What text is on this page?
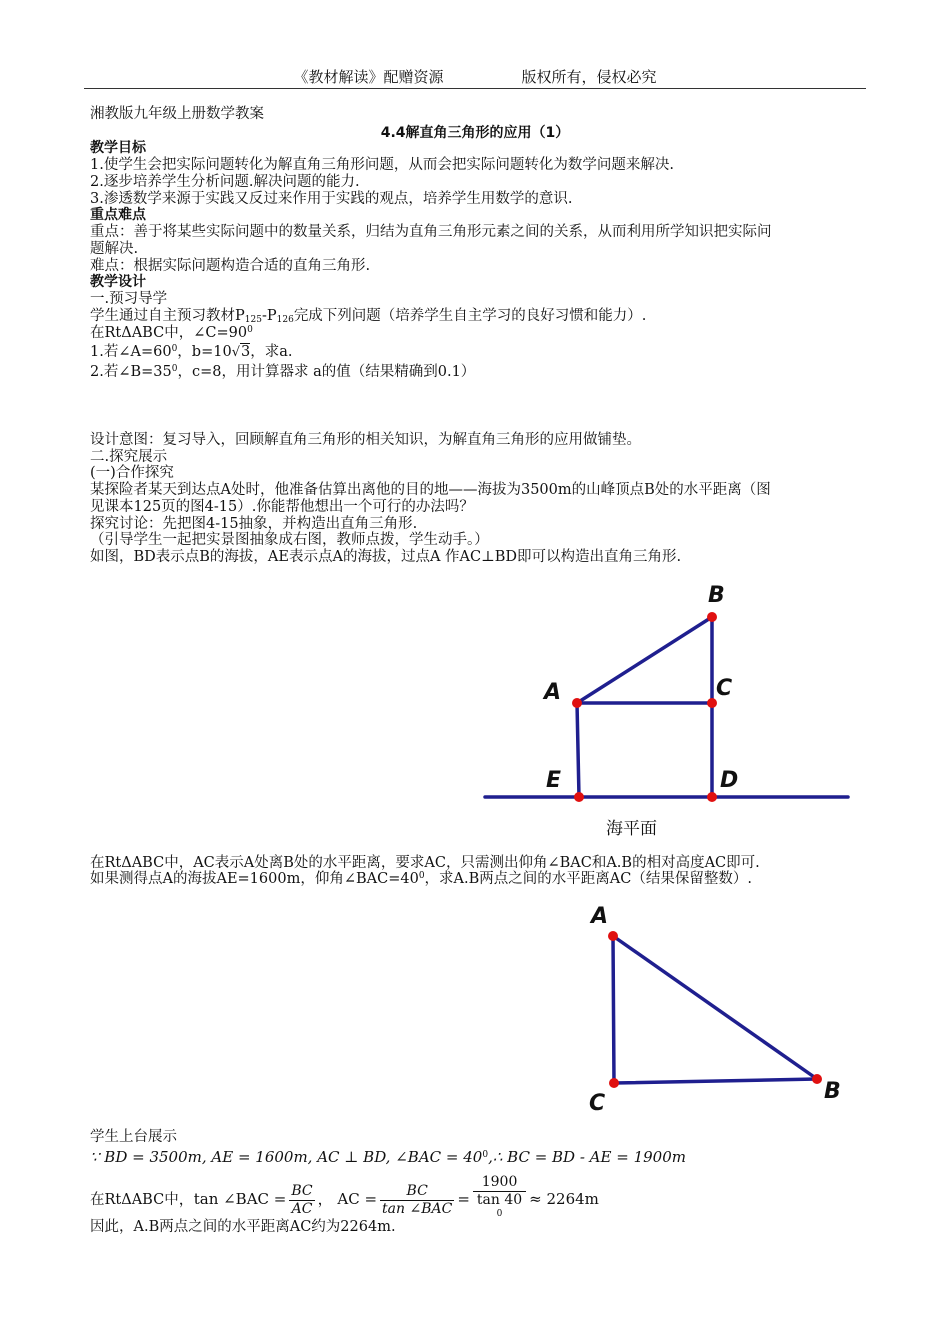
《教材解读》配赠资源	版权所有，侵权必究
湘教版九年级上册数学教案
4.4解直角三角形的应用（1）
教学目标
1.使学生会把实际问题转化为解直角三角形问题，从而会把实际问题转化为数学问题来解决.
2.逐步培养学生分析问题.解决问题的能力.
3.渗透数学来源于实践又反过来作用于实践的观点，培养学生用数学的意识.
重点难点
重点：善于将某些实际问题中的数量关系，归结为直角三角形元素之间的关系，从而利用所学知识把实际问
题解决.
难点：根据实际问题构造合适的直角三角形.
教学设计
一.预习导学
学生通过自主预习教材$P_{125}-P_{126}$完成下列问题（培养学生自主学习的良好习惯和能力）.
在RtΔABC中，$\angle C=90^0$
1.若$\angle A=60^0$，b=10√3，求a.
2.若$\angle B=35^0$，c=8，用计算器求 a的值（结果精确到0.1）
设计意图：复习导入，回顾解直角三角形的相关知识，为解直角三角形的应用做铺垫。
二.探究展示
(一)合作探究
某探险者某天到达点A处时，他准备估算出离他的目的地——海拔为3500m的山峰顶点B处的水平距离（图
见课本125页的图4-15）.你能帮他想出一个可行的办法吗？
探究讨论：先把图4-15抽象，并构造出直角三角形.
（引导学生一起把实景图抽象成右图，教师点拨，学生动手。）
如图，BD表示点B的海拔，AE表示点A的海拔，过点A 作AC⊥BD即可以构造出直角三角形.
B
A	C
E	D
海平面
在RtΔABC中，AC表示A处离B处的水平距离，要求AC，只需测出仰角∠BAC和A.B的相对高度AC即可.
如果测得点A的海拔AE=1600m，仰角$\angle BAC=40^0$，求A.B两点之间的水平距离AC（结果保留整数）.
A
C	B
学生上台展示
∵ BD = 3500m, AE = 1600m, AC ⊥ BD, ∠BAC = $40^0,\therefore$ BC = BD - AE = 1900m
在RtΔABC中，tan ∠BAC = $\frac{BC}{AC}$ ， AC = $\frac{BC}{\text{tan ∠BAC}} = 1900$
tan 40
$^0$ ≈ 2264m
因此，A.B两点之间的水平距离AC约为2264m.
